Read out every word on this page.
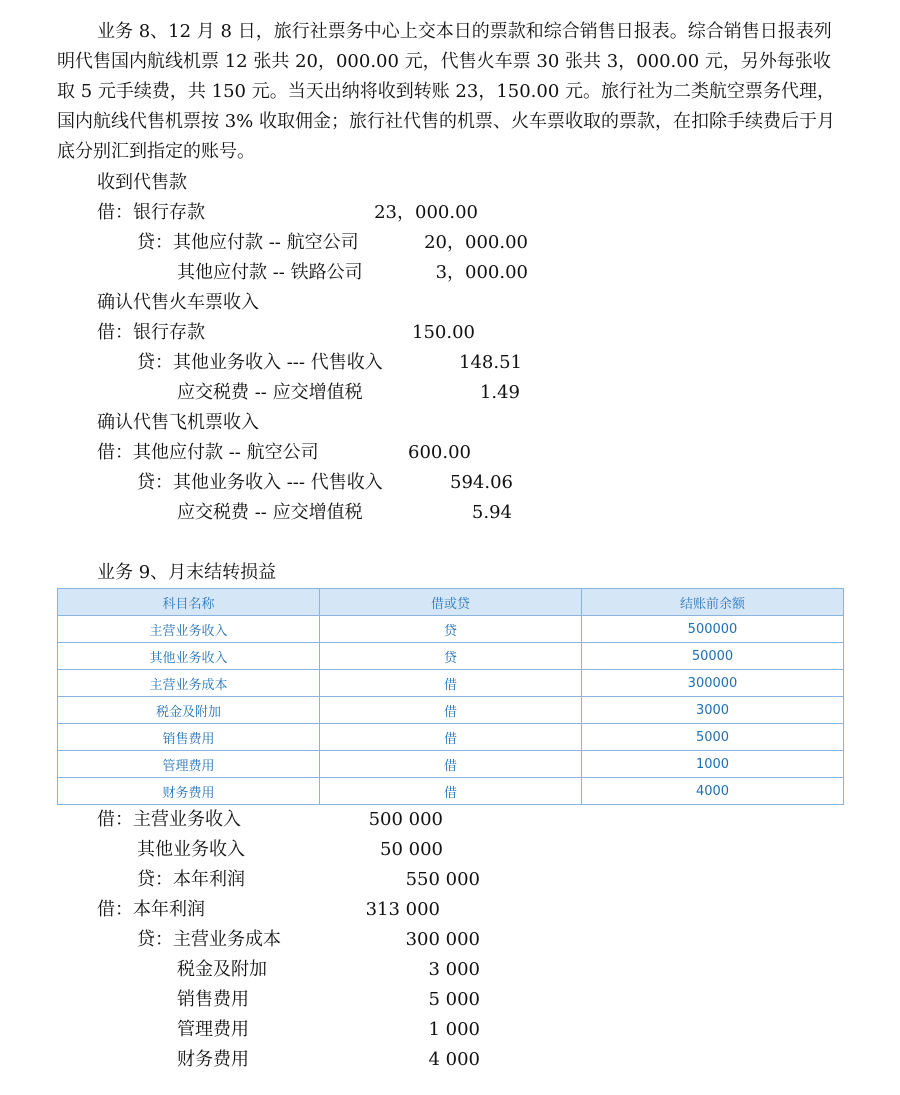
业务 8、12 月 8 日，旅行社票务中心上交本日的票款和综合销售日报表。综合销售日报表列明代售国内航线机票 12 张共 20，000.00 元，代售火车票 30 张共 3，000.00 元，另外每张收取 5 元手续费，共 150 元。当天出纳将收到转账 23，150.00 元。旅行社为二类航空票务代理，国内航线代售机票按 3% 收取佣金；旅行社代售的机票、火车票收取的票款，在扣除手续费后于月底分别汇到指定的账号。

收到代售款
借：银行存款	23，000.00
贷：其他应付款 -- 航空公司	20，000.00
其他应付款 -- 铁路公司	3，000.00
确认代售火车票收入
借：银行存款	150.00
贷：其他业务收入 --- 代售收入	148.51
应交税费 -- 应交增值税	1.49
确认代售飞机票收入
借：其他应付款 -- 航空公司	600.00
贷：其他业务收入 --- 代售收入	594.06
应交税费 -- 应交增值税	5.94
业务 9、月末结转损益
科目名称	借或贷	结账前余额
主营业务收入	贷	500000
其他业务收入	贷	50000
主营业务成本	借	300000
税金及附加	借	3000
销售费用	借	5000
管理费用	借	1000
财务费用	借	4000
借：主营业务收入	500 000
其他业务收入	50 000
贷：本年利润	550 000
借：本年利润	313 000
贷：主营业务成本	300 000
税金及附加	3 000
销售费用	5 000
管理费用	1 000
财务费用	4 000
